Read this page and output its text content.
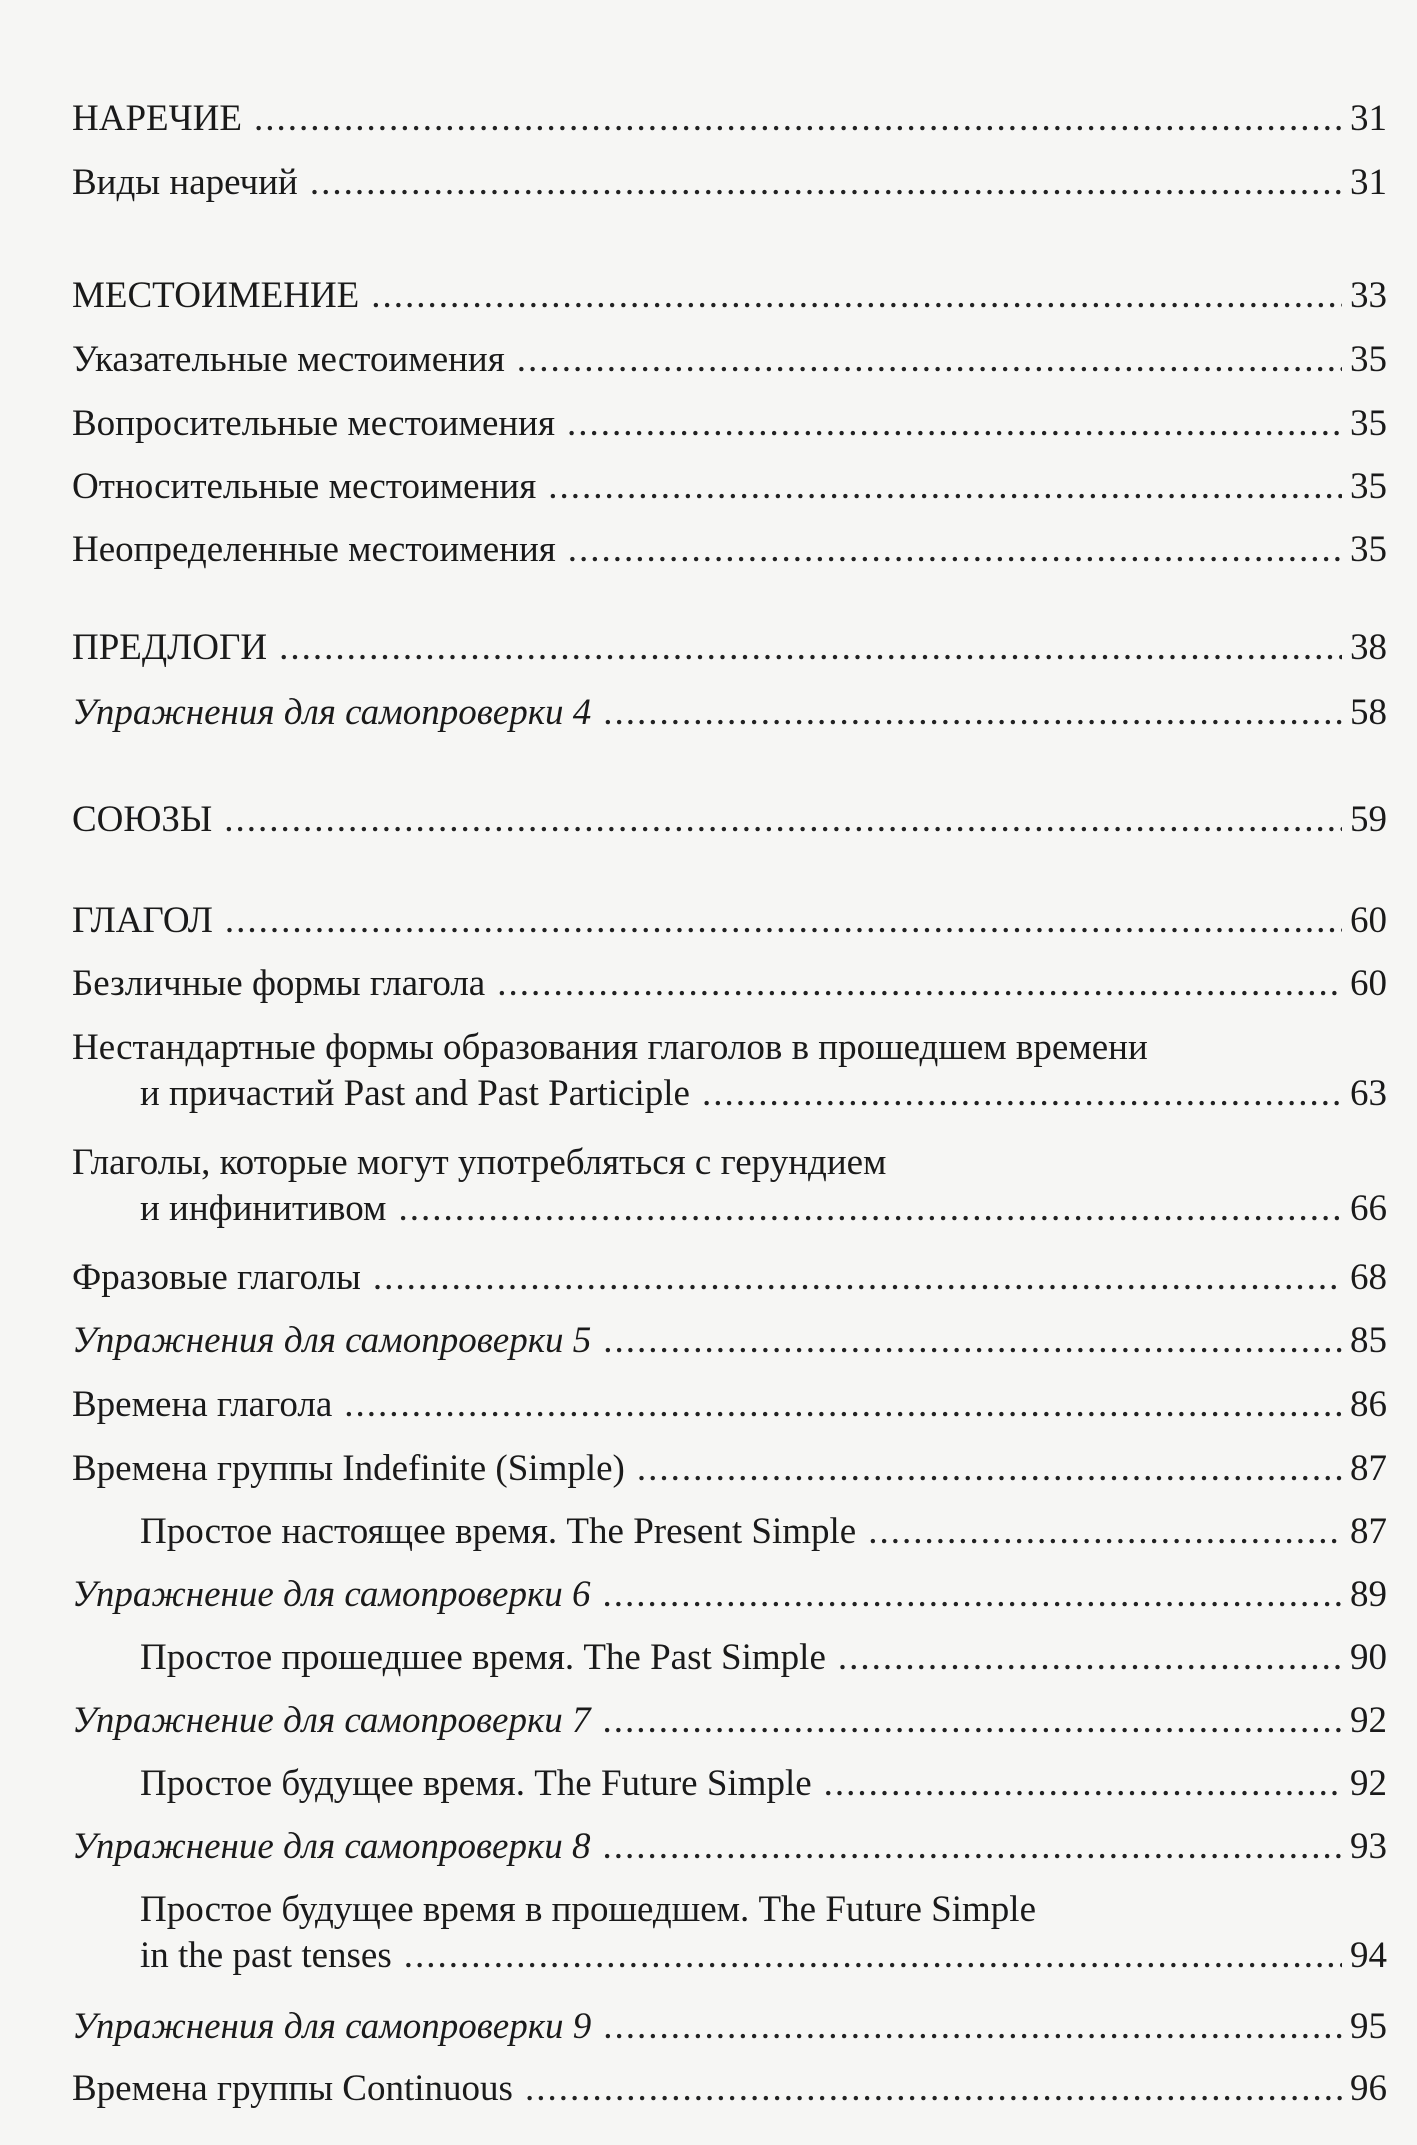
НАРЕЧИЕ .....	31
Виды наречий .....	31
МЕСТОИМЕНИЕ .....	33
Указательные местоимения .....	35
Вопросительные местоимения .....	35
Относительные местоимения .....	35
Неопределенные местоимения .....	35
ПРЕДЛОГИ .....	38
Упражнения для самопроверки 4 .....	58
СОЮЗЫ .....	59
ГЛАГОЛ .....	60
Безличные формы глагола .....	60
Нестандартные формы образования глаголов в прошедшем времени
и причастий Past and Past Participle .....	63
Глаголы, которые могут употребляться с герундием
и инфинитивом .....	66
Фразовые глаголы .....	68
Упражнения для самопроверки 5 .....	85
Времена глагола .....	86
Времена группы Indefinite (Simple) .....	87
Простое настоящее время. The Present Simple .....	87
Упражнение для самопроверки 6 .....	89
Простое прошедшее время. The Past Simple .....	90
Упражнение для самопроверки 7 .....	92
Простое будущее время. The Future Simple .....	92
Упражнение для самопроверки 8 .....	93
Простое будущее время в прошедшем. The Future Simple
in the past tenses .....	94
Упражнения для самопроверки 9 .....	95
Времена группы Continuous .....	96
